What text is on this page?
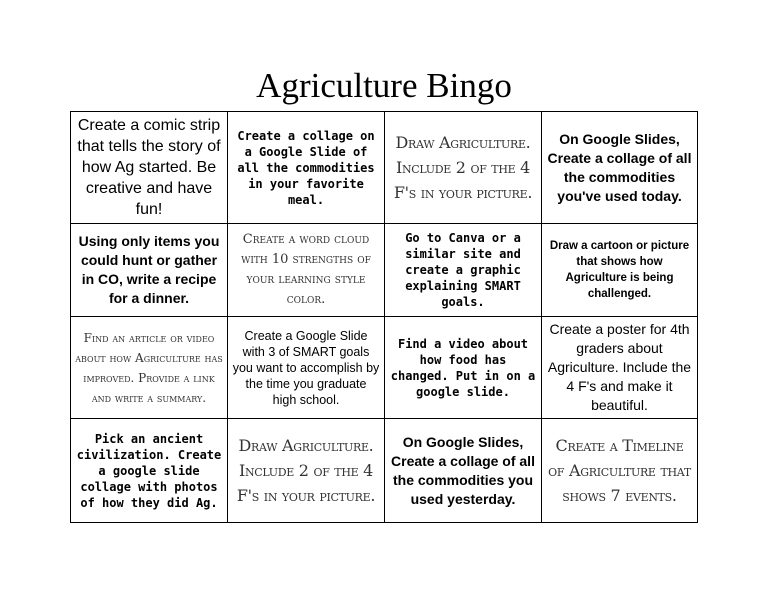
Agriculture Bingo
Create a comic strip that tells the story of how Ag started. Be creative and have fun!	Create a collage on a Google Slide of all the commodities in your favorite meal.	Draw Agriculture. Include 2 of the 4 F's in your picture.	On Google Slides, Create a collage of all the commodities you've used today.
Using only items you could hunt or gather in CO, write a recipe for a dinner.	Create a word cloud with 10 strengths of your learning style color.	Go to Canva or a similar site and create a graphic explaining SMART goals.	Draw a cartoon or picture that shows how Agriculture is being challenged.
Find an article or video about how Agriculture has improved. Provide a link and write a summary.	Create a Google Slide with 3 of SMART goals you want to accomplish by the time you graduate high school.	Find a video about how food has changed. Put in on a google slide.	Create a poster for 4th graders about Agriculture. Include the 4 F's and make it beautiful.
Pick an ancient civilization. Create a google slide collage with photos of how they did Ag.	Draw Agriculture. Include 2 of the 4 F's in your picture.	On Google Slides, Create a collage of all the commodities you used yesterday.	Create a Timeline of Agriculture that shows 7 events.
